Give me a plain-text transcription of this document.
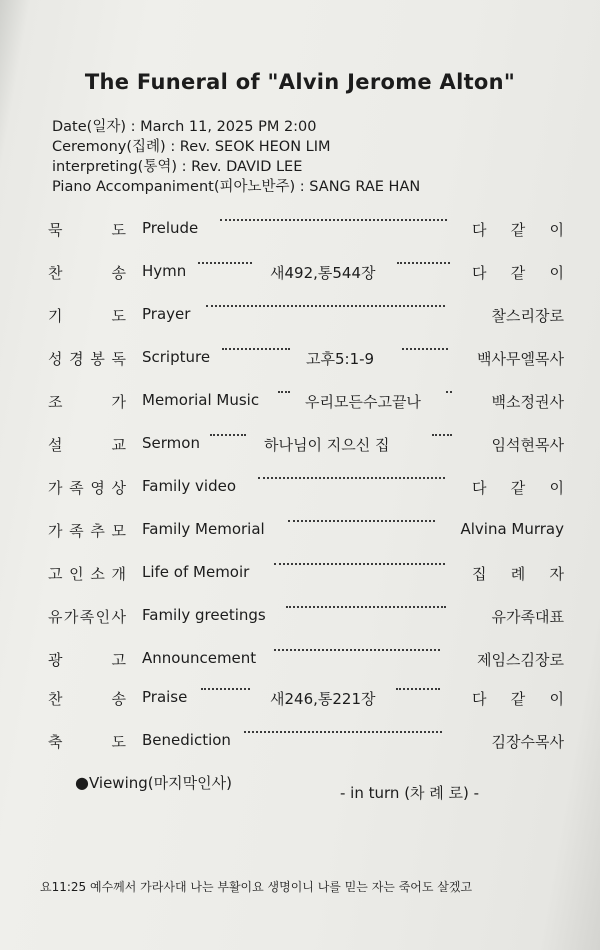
The Funeral of "Alvin Jerome Alton"
Date(일자) : March 11, 2025 PM 2:00
Ceremony(집례) : Rev. SEOK HEON LIM
interpreting(통역) : Rev. DAVID LEE
Piano Accompaniment(피아노반주) : SANG RAE HAN
묵	도 Prelude	다 같 이
찬	송 Hymn	새492,통544장	다 같 이
기	도 Prayer	찰스리장로
성 경 봉 독 Scripture	고후5:1-9	백사무엘목사
조	가 Memorial Music	우리모든수고끝나	백소정권사
설	교 Sermon	하나님이 지으신 집	임석현목사
가 족 영 상 Family video	다 같 이
가 족 추 모 Family Memorial	Alvina Murray
고 인 소 개 Life of Memoir	집 례 자
유 가 족 인 사 Family greetings	유가족대표
광	고 Announcement	제임스김장로
찬	송 Praise	새246,통221장	다 같 이
축	도 Benediction	김장수목사
●Viewing(마지막인사)
- in turn (차 례 로) -
요11:25 예수께서 가라사대 나는 부활이요 생명이니 나를 믿는 자는 죽어도 살겠고
